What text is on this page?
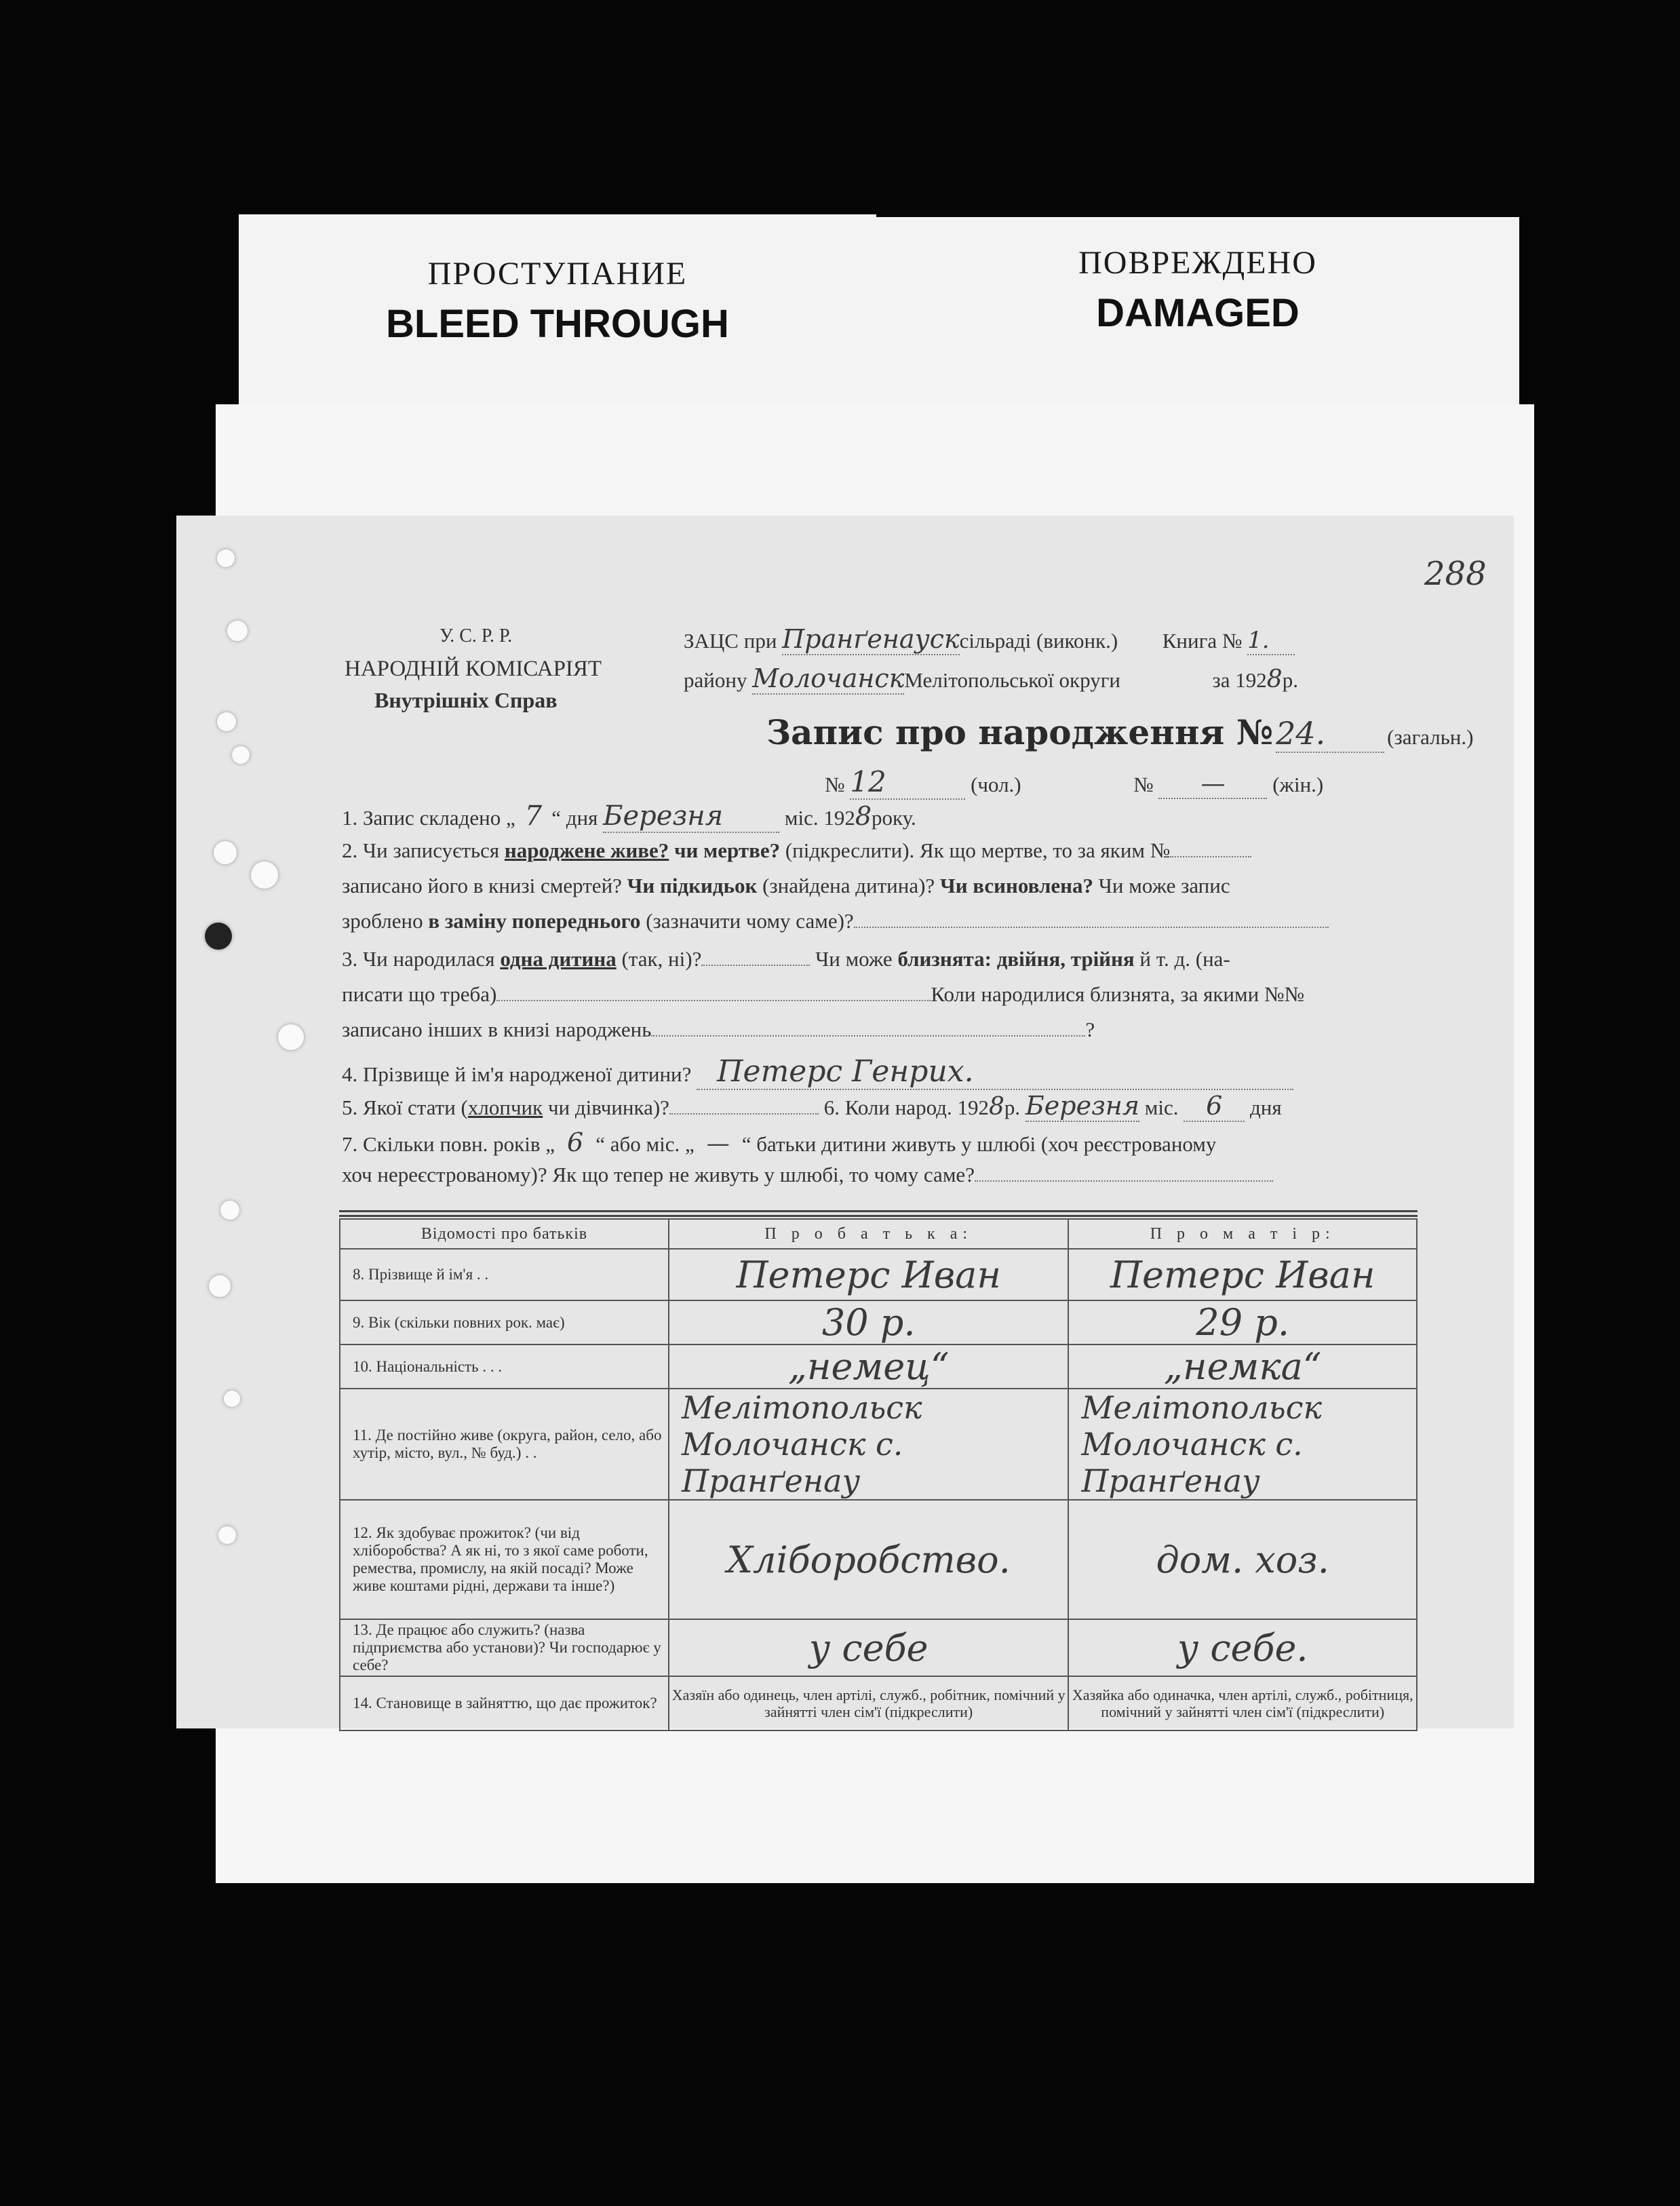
ПРОСТУПАНИЕ
BLEED THROUGH
ПОВРЕЖДЕНО
DAMAGED
288
У. С. Р. Р.
НАРОДНІЙ КОМІСАРІЯТ
Внутрішніх Справ
ЗАЦС при Пранґенаусксільраді (виконк.) Книга № 1.
району МолочанскМелітопольської округи	за 1928р.
Запис про народження № 24.	(загальн.)
№ 12	(чол.)	№ — (жін.)
1. Запис складено „ 7 “ дня Березня	міс. 1928року.
2. Чи записується народжене живе? чи мертве? (підкреслити). Як що мертве, то за яким №
записано його в книзі смертей? Чи підкидьок (знайдена дитина)? Чи всиновлена? Чи може запис
зроблено в заміну попереднього (зазначити чому саме)?
3. Чи народилася одна дитина (так, ні)?	Чи може близнята: двійня, трійня й т. д. (на-
писати що треба)	Коли народилися близнята, за якими №№
записано інших в книзі народжень	?
4. Прізвище й ім'я народженої дитини? Петерс Генрих.
5. Якої стати (хлопчик чи дівчинка)?	6. Коли народ. 1928р. Березня міс. 6 дня
7. Скільки повн. років „ 6 “ або міс. „ — “ батьки дитини живуть у шлюбі (хоч реєстрованому
хоч нереєстрованому)? Як що тепер не живуть у шлюбі, то чому саме?
Відомості про батьків	П р о б а т ь к а:	П р о м а т і р:
8. Прізвище й ім'я . .	Петерс Иван	Петерс Иван
9. Вік (скільки повних рок. має)	30 р.	29 р.
10. Національність . . .	„немец“	„немка“
11. Де постійно живе (округа, район, село, або хутір, місто, вул., № буд.) . .	Мелітопольск Молочанск с. Пранґенау	Мелітопольск Молочанск с. Пранґенау
12. Як здобуває прожиток? (чи від хліборобства? А як ні, то з якої саме роботи, ремества, промислу, на якій посаді? Може живе коштами рідні, держави та інше?)	Хліборобство.	дом. хоз.
13. Де працює або служить? (назва підприємства або установи)? Чи господарює у себе?	у себе	у себе.
14. Становище в зайняттю, що дає прожиток?	Хазяїн або одинець, член артілі, служб., робітник, помічний у зайнятті член сім'ї (підкреслити)	Хазяйка або одиначка, член артілі, служб., робітниця, помічний у зайнятті член сім'ї (підкреслити)
